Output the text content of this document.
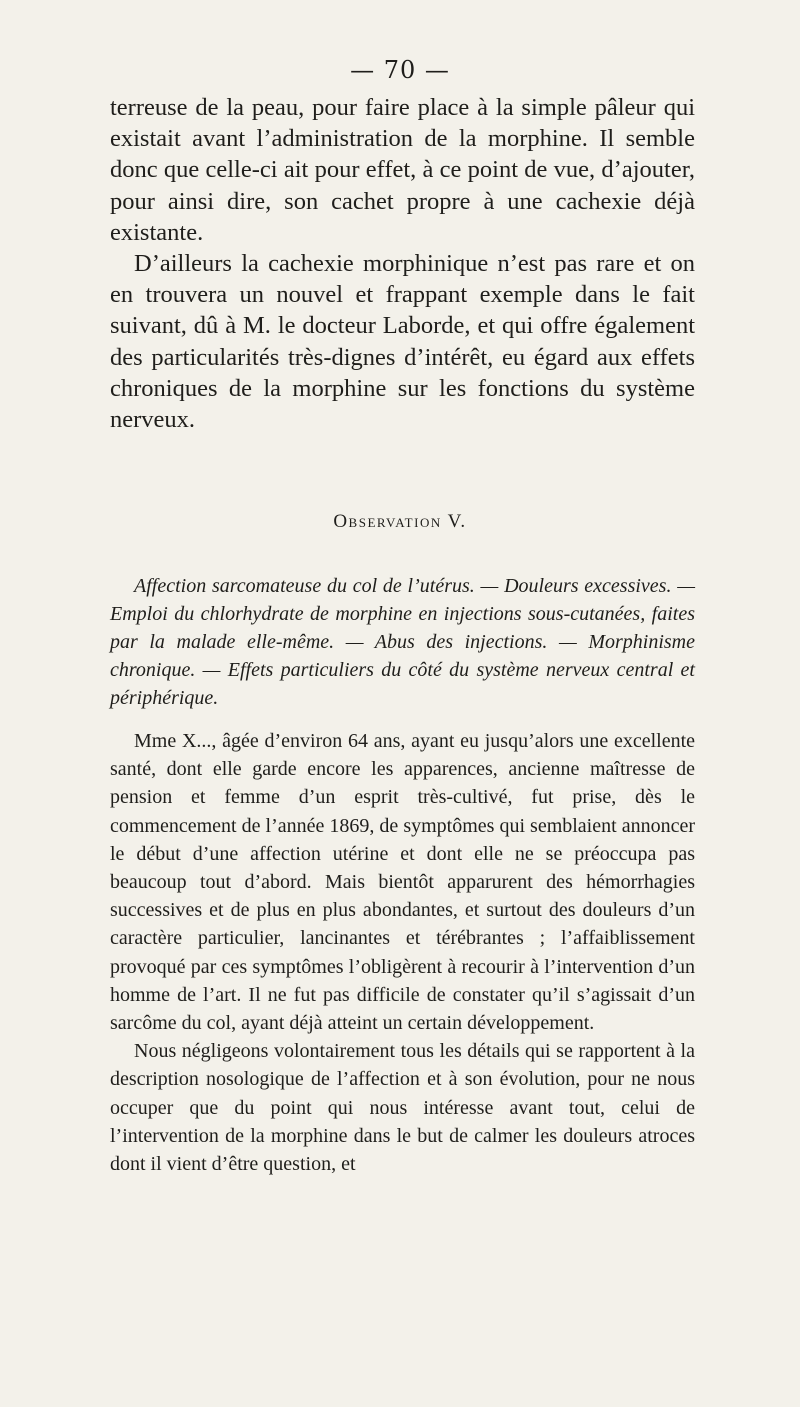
— 70 —

terreuse de la peau, pour faire place à la simple pâleur qui existait avant l’administration de la morphine. Il semble donc que celle-ci ait pour effet, à ce point de vue, d’ajouter, pour ainsi dire, son cachet propre à une cachexie déjà existante.

D’ailleurs la cachexie morphinique n’est pas rare et on en trouvera un nouvel et frappant exemple dans le fait suivant, dû à M. le docteur Laborde, et qui offre également des particularités très-dignes d’intérêt, eu égard aux effets chroniques de la morphine sur les fonctions du système nerveux.

Observation V.
Affection sarcomateuse du col de l’utérus. — Douleurs excessives. — Emploi du chlorhydrate de morphine en injections sous-cutanées, faites par la malade elle-même. — Abus des injections. — Morphinisme chronique. — Effets particuliers du côté du système nerveux central et périphérique.

Mme X..., âgée d’environ 64 ans, ayant eu jusqu’alors une excellente santé, dont elle garde encore les apparences, ancienne maîtresse de pension et femme d’un esprit très-cultivé, fut prise, dès le commencement de l’année 1869, de symptômes qui semblaient annoncer le début d’une affection utérine et dont elle ne se préoccupa pas beaucoup tout d’abord. Mais bientôt apparurent des hémorrhagies successives et de plus en plus abondantes, et surtout des douleurs d’un caractère particulier, lancinantes et térébrantes ; l’affaiblissement provoqué par ces symptômes l’obligèrent à recourir à l’intervention d’un homme de l’art. Il ne fut pas difficile de constater qu’il s’agissait d’un sarcôme du col, ayant déjà atteint un certain développement.

Nous négligeons volontairement tous les détails qui se rapportent à la description nosologique de l’affection et à son évolution, pour ne nous occuper que du point qui nous intéresse avant tout, celui de l’intervention de la morphine dans le but de calmer les douleurs atroces dont il vient d’être question, et
